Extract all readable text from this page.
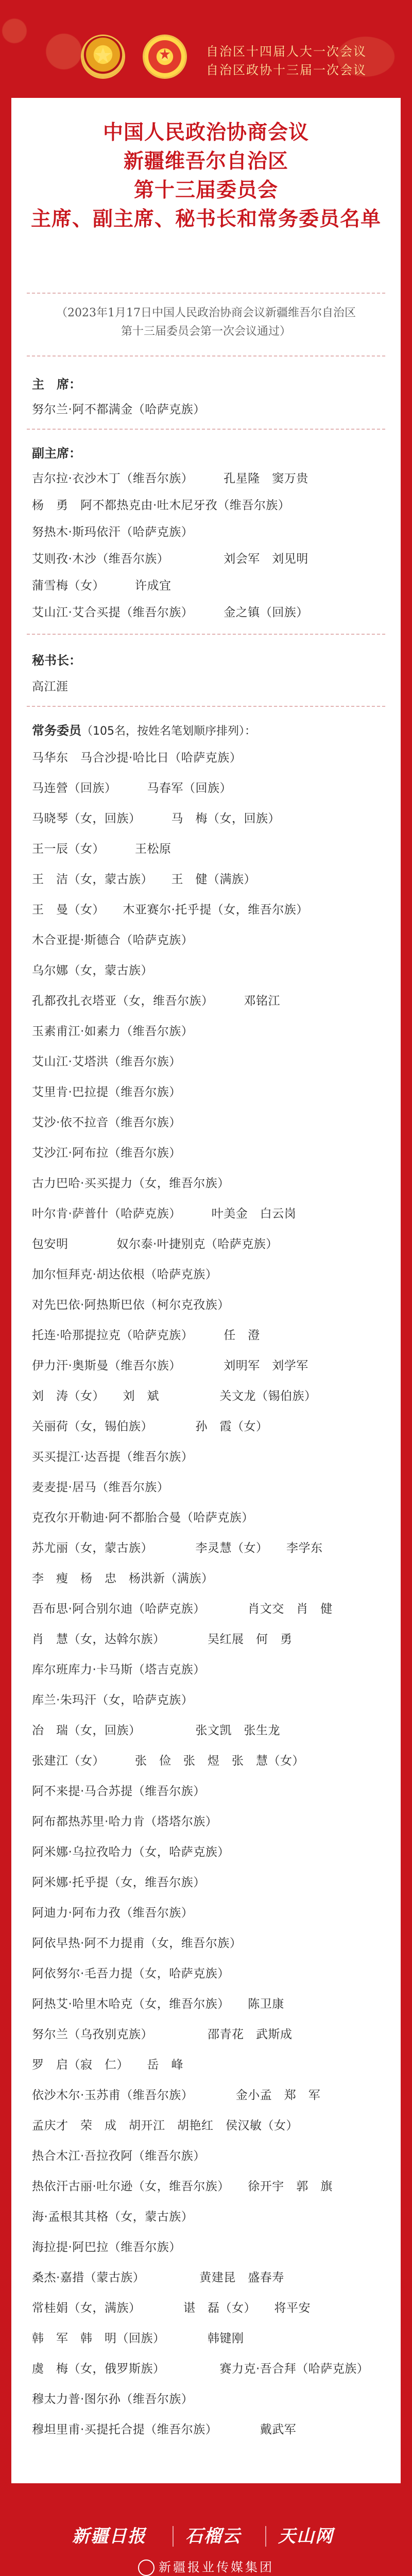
自治区十四届人大一次会议
自治区政协十三届一次会议
中国人民政治协商会议
新疆维吾尔自治区
第十三届委员会
主席、副主席、秘书长和常务委员名单
（2023年1月17日中国人民政治协商会议新疆维吾尔自治区
第十三届委员会第一次会议通过）
主　席：
努尔兰·阿不都满金（哈萨克族）
副主席：
吉尔拉·衣沙木丁（维吾尔族）　　　孔星隆　窦万贵
杨　勇　阿不都热克由·吐木尼牙孜（维吾尔族）
努热木·斯玛依汗（哈萨克族）
艾则孜·木沙（维吾尔族）　　　　　刘会军　刘见明
蒲雪梅（女）　　　许成宜
艾山江·艾合买提（维吾尔族）　　　金之镇（回族）
秘书长：
高江涯
常务委员（105名，按姓名笔划顺序排列）：
马华东　马合沙提·哈比日（哈萨克族）
马连營（回族）　　　马春军（回族）
马晓琴（女，回族）　　　马　梅（女，回族）
王一辰（女）　　　王松原
王　洁（女，蒙古族）　　王　健（满族）
王　曼（女）　　木亚赛尔·托乎提（女，维吾尔族）
木合亚提·斯德合（哈萨克族）
乌尔娜（女，蒙古族）
孔都孜扎衣塔亚（女，维吾尔族）　　　邓铭江
玉素甫江·如素力（维吾尔族）
艾山江·艾塔洪（维吾尔族）
艾里肯·巴拉提（维吾尔族）
艾沙·依不拉音（维吾尔族）
艾沙江·阿布拉（维吾尔族）
古力巴哈·买买提力（女，维吾尔族）
叶尔肯·萨普什（哈萨克族）　　　叶美金　白云岗
包安明　　　　奴尔泰·叶捷别克（哈萨克族）
加尔恒拜克·胡达依根（哈萨克族）
对先巴依·阿热斯巴依（柯尔克孜族）
托连·哈那提拉克（哈萨克族）　　　任　澄
伊力汗·奥斯曼（维吾尔族）　　　　刘明军　刘学军
刘　涛（女）　　刘　斌　　　　　关文龙（锡伯族）
关丽荷（女，锡伯族）　　　　孙　霞（女）
买买提江·达吾提（维吾尔族）
麦麦提·居马（维吾尔族）
克孜尔开勒迪·阿不都胎合曼（哈萨克族）
苏尤丽（女，蒙古族）　　　　李灵慧（女）　　李学东
李　瘦　杨　忠　杨洪新（满族）
吾布思·阿合别尔迪（哈萨克族）　　　　肖文交　肖　健
肖　慧（女，达斡尔族）　　　　吴红展　何　勇
库尔班库力·卡马斯（塔吉克族）
库兰·朱玛汗（女，哈萨克族）
冶　瑞（女，回族）　　　　　张文凯　张生龙
张建江（女）　　　张　俭　张　煜　张　慧（女）
阿不来提·马合苏提（维吾尔族）
阿布都热苏里·哈力肯（塔塔尔族）
阿米娜·乌拉孜哈力（女，哈萨克族）
阿米娜·托乎提（女，维吾尔族）
阿迪力·阿布力孜（维吾尔族）
阿依早热·阿不力提甫（女，维吾尔族）
阿依努尔·毛吾力提（女，哈萨克族）
阿热艾·哈里木哈克（女，维吾尔族）　　陈卫康
努尔兰（乌孜别克族）　　　　　邵青花　武斯成
罗　启（寂　仁）　　岳　峰
依沙木尔·玉苏甫（维吾尔族）　　　　金小孟　郑　军
孟庆才　荣　成　胡开江　胡艳红　侯汉敏（女）
热合木江·吾拉孜阿（维吾尔族）
热依汗古丽·吐尔逊（女，维吾尔族）　　徐开宇　郭　旗
海·孟根其其格（女，蒙古族）
海拉提·阿巴拉（维吾尔族）
桑杰·嘉措（蒙古族）　　　　　黄建昆　盛春寿
常桂娟（女，满族）　　　　谌　磊（女）　　将平安
韩　军　韩　明（回族）　　　　韩键刚
虞　梅（女，俄罗斯族）　　　　　赛力克·吾合拜（哈萨克族）
穆太力普·图尔孙（维吾尔族）
穆坦里甫·买提托合提（维吾尔族）　　　　戴武军
新疆日报 石榴云 天山网
新疆报业传媒集团
